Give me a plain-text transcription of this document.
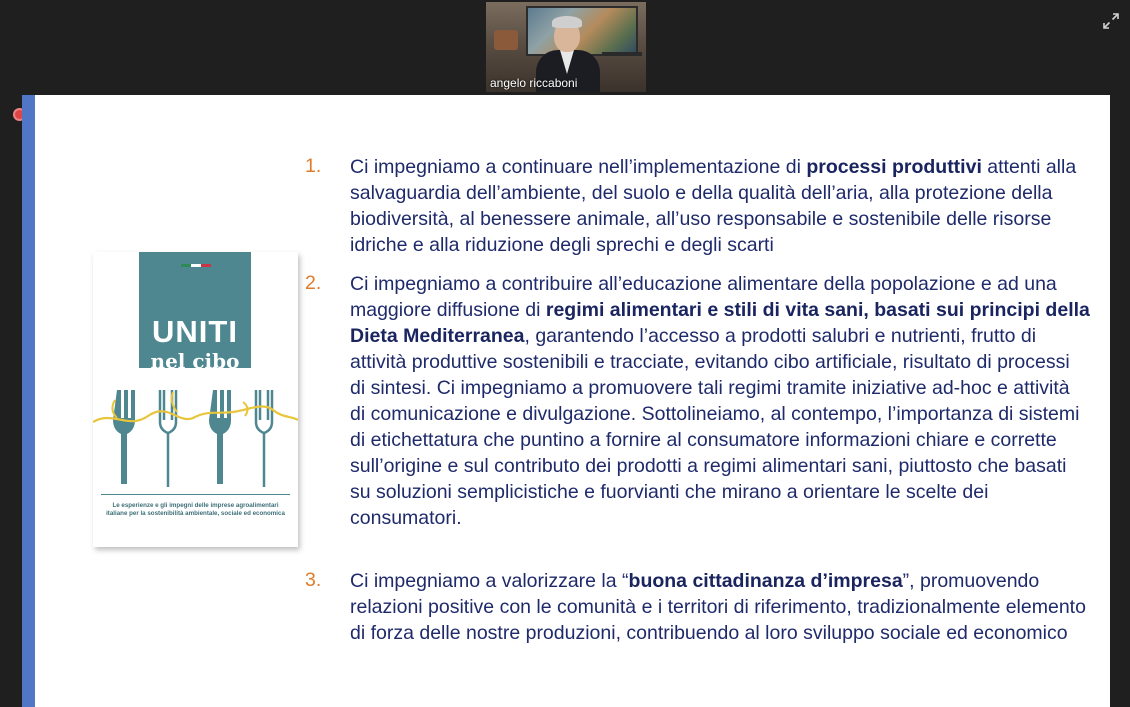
angelo riccaboni
UNITI
nel cibo
Le esperienze e gli impegni delle imprese agroalimentari italiane per la sostenibilità ambientale, sociale ed economica
1. Ci impegniamo a continuare nell’implementazione di processi produttivi attenti alla salvaguardia dell’ambiente, del suolo e della qualità dell’aria, alla protezione della biodiversità, al benessere animale, all’uso responsabile e sostenibile delle risorse idriche e alla riduzione degli sprechi e degli scarti
2. Ci impegniamo a contribuire all’educazione alimentare della popolazione e ad una maggiore diffusione di regimi alimentari e stili di vita sani, basati sui principi della Dieta Mediterranea, garantendo l’accesso a prodotti salubri e nutrienti, frutto di attività produttive sostenibili e tracciate, evitando cibo artificiale, risultato di processi di sintesi. Ci impegniamo a promuovere tali regimi tramite iniziative ad-hoc e attività di comunicazione e divulgazione. Sottolineiamo, al contempo, l’importanza di sistemi di etichettatura che puntino a fornire al consumatore informazioni chiare e corrette sull’origine e sul contributo dei prodotti a regimi alimentari sani, piuttosto che basati su soluzioni semplicistiche e fuorvianti che mirano a orientare le scelte dei consumatori.
3. Ci impegniamo a valorizzare la “buona cittadinanza d’impresa”, promuovendo relazioni positive con le comunità e i territori di riferimento, tradizionalmente elemento di forza delle nostre produzioni, contribuendo al loro sviluppo sociale ed economico
